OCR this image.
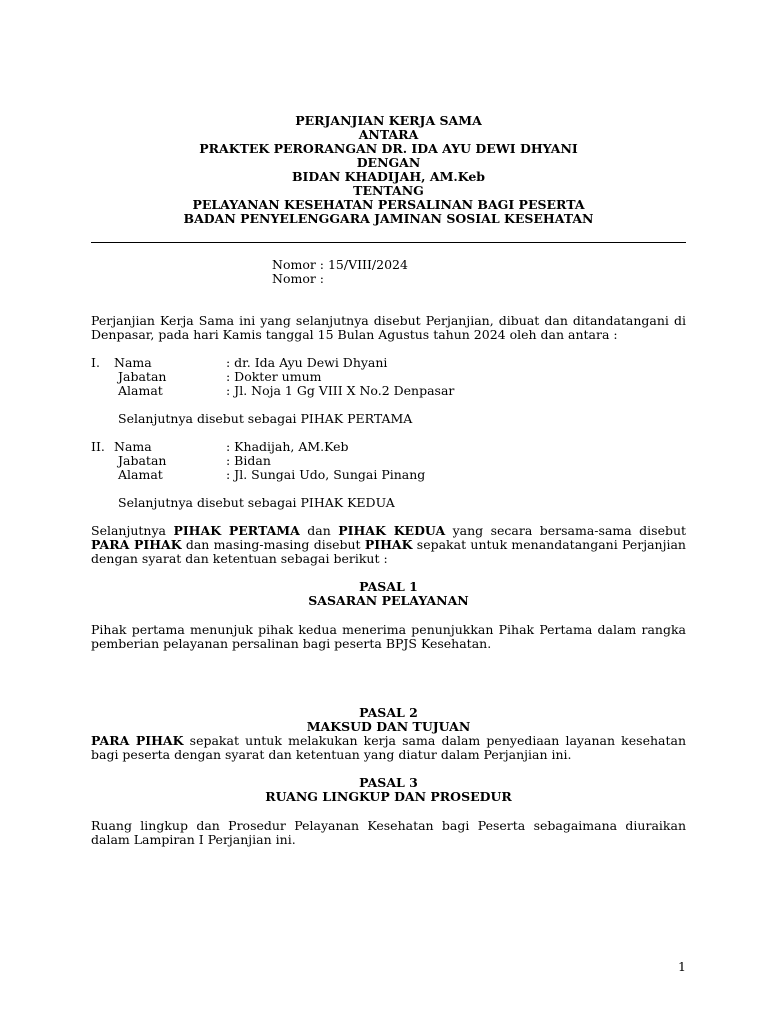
PERJANJIAN KERJA SAMA
ANTARA
PRAKTEK PERORANGAN DR. IDA AYU DEWI DHYANI
DENGAN
BIDAN KHADIJAH, AM.Keb
TENTANG
PELAYANAN KESEHATAN PERSALINAN BAGI PESERTA
BADAN PENYELENGGARA JAMINAN SOSIAL KESEHATAN
Nomor : 15/VIII/2024
Nomor :
Perjanjian Kerja Sama ini yang selanjutnya disebut Perjanjian, dibuat dan ditandatangani di Denpasar, pada hari Kamis tanggal 15 Bulan Agustus tahun 2024 oleh dan antara :
I. Nama	: dr. Ida Ayu Dewi Dhyani
Jabatan	: Dokter umum
Alamat	: Jl. Noja 1 Gg VIII X No.2 Denpasar
Selanjutnya disebut sebagai PIHAK PERTAMA
II. Nama	: Khadijah, AM.Keb
Jabatan	: Bidan
Alamat	: Jl. Sungai Udo, Sungai Pinang
Selanjutnya disebut sebagai PIHAK KEDUA
Selanjutnya PIHAK PERTAMA dan PIHAK KEDUA yang secara bersama-sama disebut PARA PIHAK dan masing-masing disebut PIHAK sepakat untuk menandatangani Perjanjian dengan syarat dan ketentuan sebagai berikut :
PASAL 1
SASARAN PELAYANAN
Pihak pertama menunjuk pihak kedua menerima penunjukkan Pihak Pertama dalam rangka pemberian pelayanan persalinan bagi peserta BPJS Kesehatan.
PASAL 2
MAKSUD DAN TUJUAN
PARA PIHAK sepakat untuk melakukan kerja sama dalam penyediaan layanan kesehatan bagi peserta dengan syarat dan ketentuan yang diatur dalam Perjanjian ini.
PASAL 3
RUANG LINGKUP DAN PROSEDUR
Ruang lingkup dan Prosedur Pelayanan Kesehatan bagi Peserta sebagaimana diuraikan dalam Lampiran I Perjanjian ini.
1
